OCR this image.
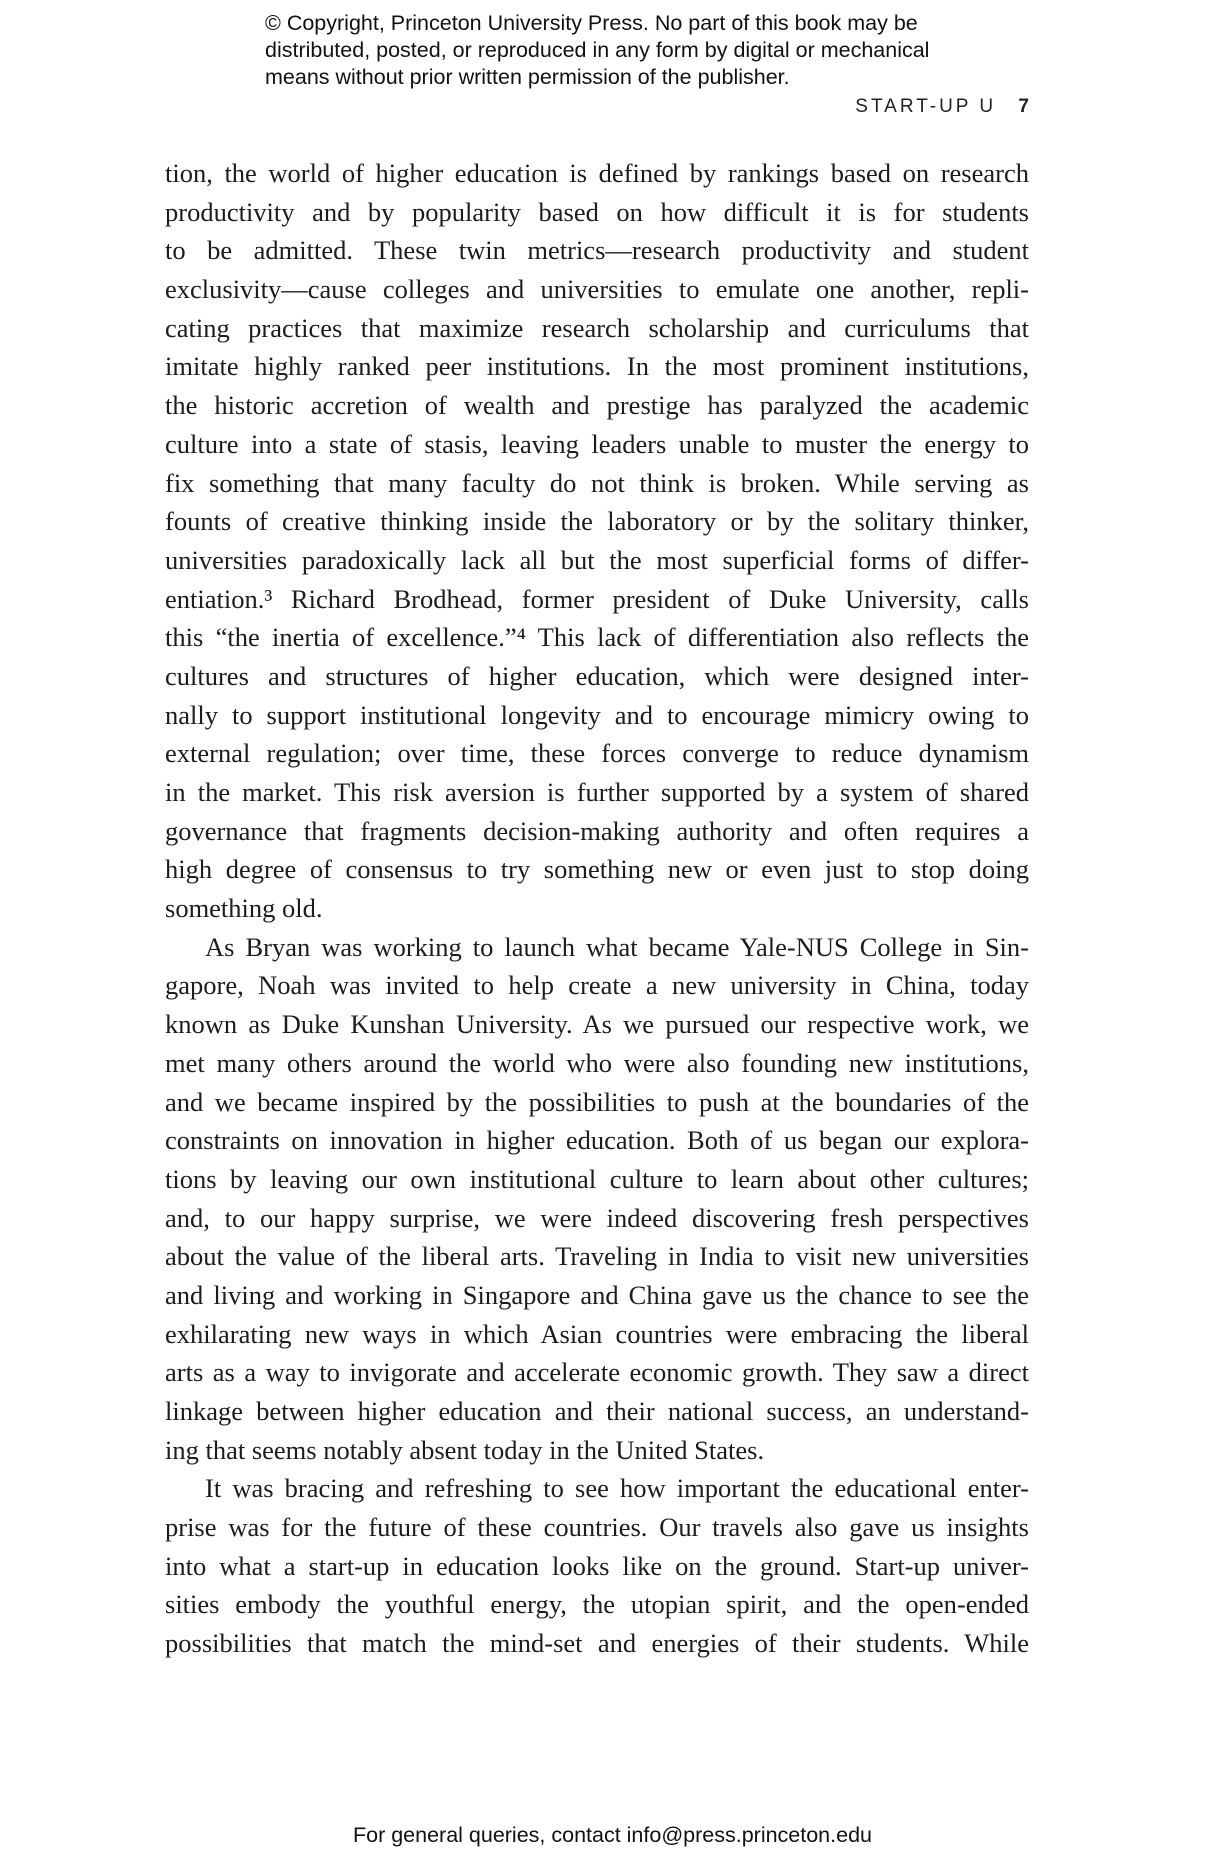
© Copyright, Princeton University Press. No part of this book may be
distributed, posted, or reproduced in any form by digital or mechanical
means without prior written permission of the publisher.
START-UP U 7
tion, the world of higher education is defined by rankings based on research
productivity and by popularity based on how difficult it is for students
to be admitted. These twin metrics—research productivity and student
exclusivity—cause colleges and universities to emulate one another, repli-
cating practices that maximize research scholarship and curriculums that
imitate highly ranked peer institutions. In the most prominent institutions,
the historic accretion of wealth and prestige has paralyzed the academic
culture into a state of stasis, leaving leaders unable to muster the energy to
fix something that many faculty do not think is broken. While serving as
founts of creative thinking inside the laboratory or by the solitary thinker,
universities paradoxically lack all but the most superficial forms of differ-
entiation.³ Richard Brodhead, former president of Duke University, calls
this “the inertia of excellence.”⁴ This lack of differentiation also reflects the
cultures and structures of higher education, which were designed inter-
nally to support institutional longevity and to encourage mimicry owing to
external regulation; over time, these forces converge to reduce dynamism
in the market. This risk aversion is further supported by a system of shared
governance that fragments decision-making authority and often requires a
high degree of consensus to try something new or even just to stop doing
something old.
As Bryan was working to launch what became Yale-NUS College in Sin-
gapore, Noah was invited to help create a new university in China, today
known as Duke Kunshan University. As we pursued our respective work, we
met many others around the world who were also founding new institutions,
and we became inspired by the possibilities to push at the boundaries of the
constraints on innovation in higher education. Both of us began our explora-
tions by leaving our own institutional culture to learn about other cultures;
and, to our happy surprise, we were indeed discovering fresh perspectives
about the value of the liberal arts. Traveling in India to visit new universities
and living and working in Singapore and China gave us the chance to see the
exhilarating new ways in which Asian countries were embracing the liberal
arts as a way to invigorate and accelerate economic growth. They saw a direct
linkage between higher education and their national success, an understand-
ing that seems notably absent today in the United States.
It was bracing and refreshing to see how important the educational enter-
prise was for the future of these countries. Our travels also gave us insights
into what a start-up in education looks like on the ground. Start-up univer-
sities embody the youthful energy, the utopian spirit, and the open-ended
possibilities that match the mind-set and energies of their students. While
For general queries, contact info@press.princeton.edu
